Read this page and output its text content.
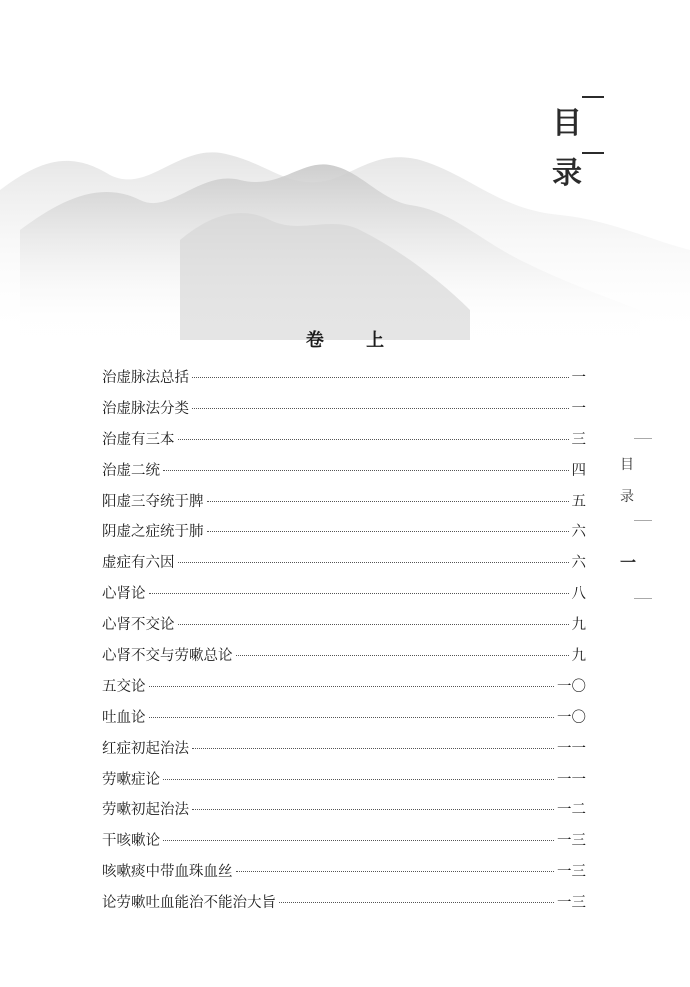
目
录
卷 上
治虚脉法总括	一
治虚脉法分类	一
治虚有三本	三
治虚二统	四
阳虚三夺统于脾	五
阴虚之症统于肺	六
虚症有六因	六
心肾论	八
心肾不交论	九
心肾不交与劳嗽总论	九
五交论	一〇
吐血论	一〇
红症初起治法	一一
劳嗽症论	一一
劳嗽初起治法	一二
干咳嗽论	一三
咳嗽痰中带血珠血丝	一三
论劳嗽吐血能治不能治大旨	一三
目
录
一
